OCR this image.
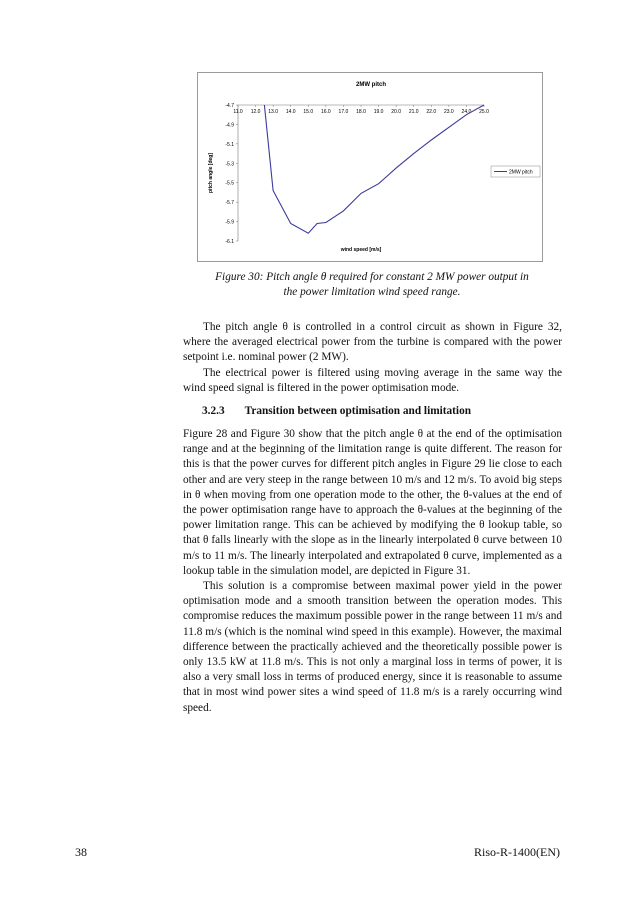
2MW pitch
-4.7
-4.9
-5.1
-5.3
-5.5
-5.7
-5.9
-6.1
11.0 12.0 13.0 14.0 15.0 16.0 17.0 18.0 19.0 20.0 21.0 22.0 23.0 24.0 25.0
wind speed [m/s]
pitch angle [deg]	2MW pitch
Figure 30: Pitch angle θ required for constant 2 MW power output in
the power limitation wind speed range.

The pitch angle θ is controlled in a control circuit as shown in Figure 32, where the averaged electrical power from the turbine is compared with the power setpoint i.e. nominal power (2 MW).

The electrical power is filtered using moving average in the same way the wind speed signal is filtered in the power optimisation mode.

3.2.3 Transition between optimisation and limitation

Figure 28 and Figure 30 show that the pitch angle θ at the end of the optimisation range and at the beginning of the limitation range is quite different. The reason for this is that the power curves for different pitch angles in Figure 29 lie close to each other and are very steep in the range between 10 m/s and 12 m/s. To avoid big steps in θ when moving from one operation mode to the other, the θ-values at the end of the power optimisation range have to approach the θ-values at the beginning of the power limitation range. This can be achieved by modifying the θ lookup table, so that θ falls linearly with the slope as in the linearly interpolated θ curve between 10 m/s to 11 m/s. The linearly interpolated and extrapolated θ curve, implemented as a lookup table in the simulation model, are depicted in Figure 31.

This solution is a compromise between maximal power yield in the power optimisation mode and a smooth transition between the operation modes. This compromise reduces the maximum possible power in the range between 11 m/s and 11.8 m/s (which is the nominal wind speed in this example). However, the maximal difference between the practically achieved and the theoretically possible power is only 13.5 kW at 11.8 m/s. This is not only a marginal loss in terms of power, it is also a very small loss in terms of produced energy, since it is reasonable to assume that in most wind power sites a wind speed of 11.8 m/s is a rarely occurring wind speed.

38	Riso-R-1400(EN)
